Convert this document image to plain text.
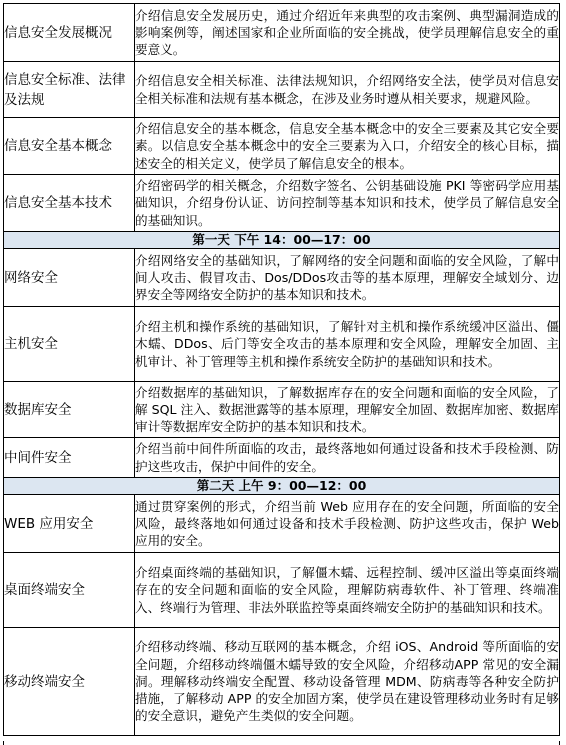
信息安全发展概况	介绍信息安全发展历史，通过介绍近年来典型的攻击案例、典型漏洞造成的影响案例等，阐述国家和企业所面临的安全挑战，使学员理解信息安全的重要意义。
信息安全标准、法律及法规	介绍信息安全相关标准、法律法规知识，介绍网络安全法，使学员对信息安全相关标准和法规有基本概念，在涉及业务时遵从相关要求，规避风险。
信息安全基本概念	介绍信息安全的基本概念，信息安全基本概念中的安全三要素及其它安全要素。以信息安全基本概念中的安全三要素为入口，介绍安全的核心目标，描述安全的相关定义，使学员了解信息安全的根本。
信息安全基本技术	介绍密码学的相关概念，介绍数字签名、公钥基础设施 PKI 等密码学应用基础知识，介绍身份认证、访问控制等基本知识和技术，使学员了解信息安全的基础知识。
第一天 下午 14：00—17：00	
网络安全	介绍网络安全的基础知识，了解网络的安全问题和面临的安全风险，了解中间人攻击、假冒攻击、Dos/DDos攻击等的基本原理，理解安全域划分、边界安全等网络安全防护的基本知识和技术。
主机安全	介绍主机和操作系统的基础知识，了解针对主机和操作系统缓冲区溢出、僵木蠕、DDos、后门等安全攻击的基本原理和安全风险，理解安全加固、主机审计、补丁管理等主机和操作系统安全防护的基础知识和技术。
数据库安全	介绍数据库的基础知识，了解数据库存在的安全问题和面临的安全风险，了解 SQL 注入、数据泄露等的基本原理，理解安全加固、数据库加密、数据库审计等数据库安全防护的基本知识和技术。
中间件安全	介绍当前中间件所面临的攻击，最终落地如何通过设备和技术手段检测、防护这些攻击，保护中间件的安全。
第二天 上午 9：00—12：00	
WEB 应用安全	通过贯穿案例的形式，介绍当前 Web 应用存在的安全问题，所面临的安全风险，最终落地如何通过设备和技术手段检测、防护这些攻击，保护 Web 应用的安全。
桌面终端安全	介绍桌面终端的基础知识，了解僵木蠕、远程控制、缓冲区溢出等桌面终端存在的安全问题和面临的安全风险，理解防病毒软件、补丁管理、终端准入、终端行为管理、非法外联监控等桌面终端安全防护的基础知识和技术。
移动终端安全	介绍移动终端、移动互联网的基本概念，介绍 iOS、Android 等所面临的安全问题，介绍移动终端僵木蠕导致的安全风险，介绍移动APP 常见的安全漏洞。理解移动终端安全配置、移动设备管理 MDM、防病毒等各种安全防护措施，了解移动 APP 的安全加固方案，使学员在建设管理移动业务时有足够的安全意识，避免产生类似的安全问题。
